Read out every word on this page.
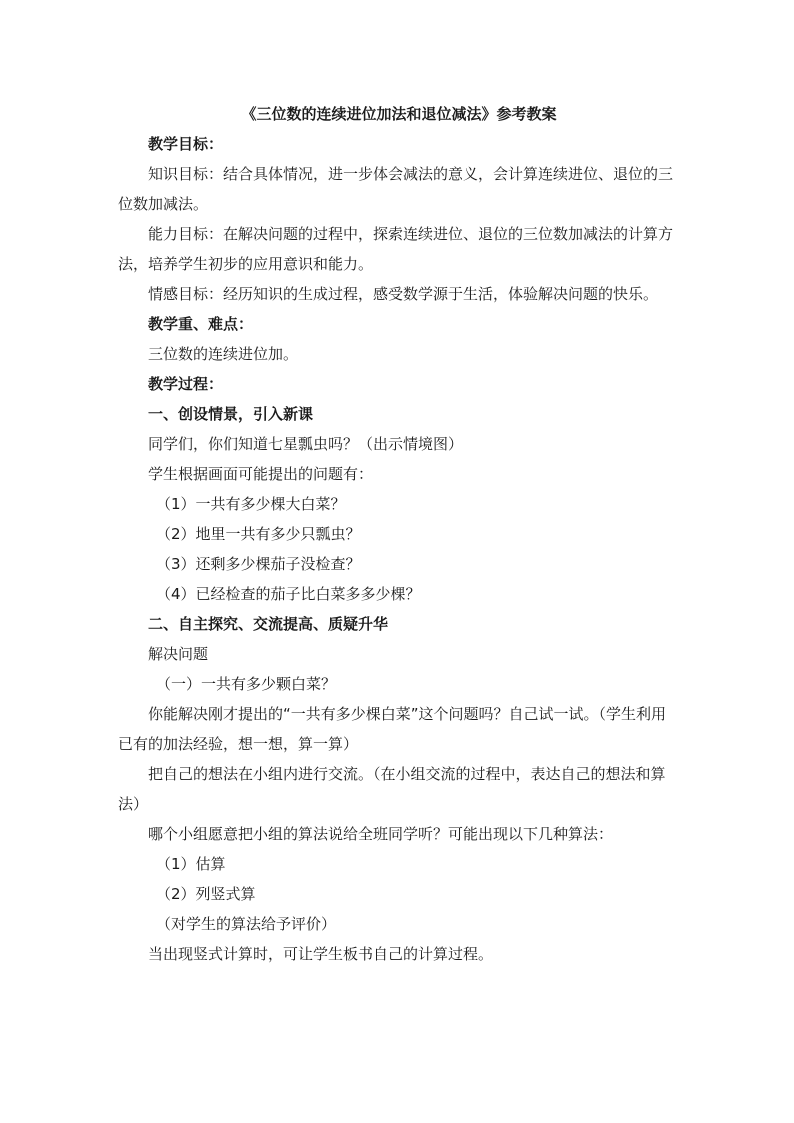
《三位数的连续进位加法和退位减法》参考教案

教学目标：

知识目标：结合具体情况，进一步体会减法的意义，会计算连续进位、退位的三位数加减法。

能力目标：在解决问题的过程中，探索连续进位、退位的三位数加减法的计算方法，培养学生初步的应用意识和能力。

情感目标：经历知识的生成过程，感受数学源于生活，体验解决问题的快乐。

教学重、难点：

三位数的连续进位加。

教学过程：

一、创设情景，引入新课

同学们，你们知道七星瓢虫吗？（出示情境图）

学生根据画面可能提出的问题有：

（1）一共有多少棵大白菜？

（2）地里一共有多少只瓢虫？

（3）还剩多少棵茄子没检查？

（4）已经检查的茄子比白菜多多少棵？

二、自主探究、交流提高、质疑升华

解决问题

（一）一共有多少颗白菜？

你能解决刚才提出的“一共有多少棵白菜”这个问题吗？自己试一试。（学生利用已有的加法经验，想一想，算一算）

把自己的想法在小组内进行交流。（在小组交流的过程中，表达自己的想法和算法）

哪个小组愿意把小组的算法说给全班同学听？可能出现以下几种算法：

（1）估算

（2）列竖式算

（对学生的算法给予评价）

当出现竖式计算时，可让学生板书自己的计算过程。
